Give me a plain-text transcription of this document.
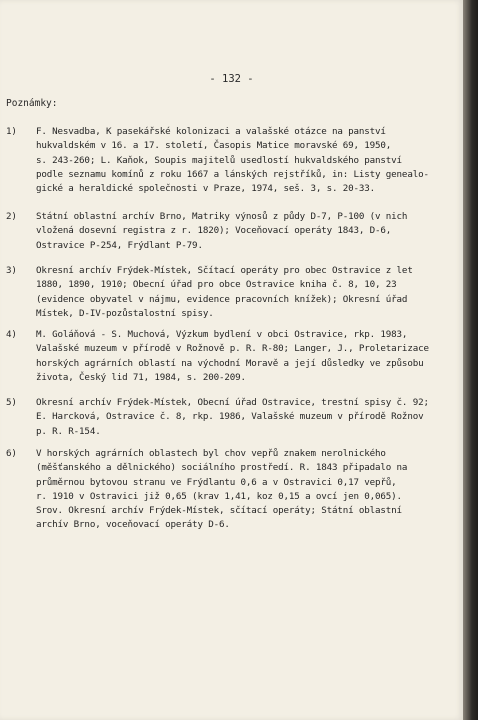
- 132 -
Poznámky:
1)	F. Nesvadba, K pasekářské kolonizaci a valašské otázce na panství
hukvaldském v 16. a 17. století, Časopis Matice moravské 69, 1950,
s. 243-260; L. Kaňok, Soupis majitelů usedlostí hukvaldského panství
podle seznamu komínů z roku 1667 a lánských rejstříků, in: Listy genealo-
gické a heraldické společnosti v Praze, 1974, seš. 3, s. 20-33.
2)	Státní oblastní archív Brno, Matriky výnosů z půdy D-7, P-100 (v nich
vložená dosevní registra z r. 1820); Voceňovací operáty 1843, D-6,
Ostravice P-254, Frýdlant P-79.
3)	Okresní archív Frýdek-Místek, Sčítací operáty pro obec Ostravice z let
1880, 1890, 1910; Obecní úřad pro obce Ostravice kniha č. 8, 10, 23
(evidence obyvatel v nájmu, evidence pracovních knížek); Okresní úřad
Místek, D-IV-pozůstalostní spisy.
4)	M. Goláňová - S. Muchová, Výzkum bydlení v obci Ostravice, rkp. 1983,
Valašské muzeum v přírodě v Rožnově p. R. R-80; Langer, J., Proletarizace
horských agrárních oblastí na východní Moravě a její důsledky ve způsobu
života, Český lid 71, 1984, s. 200-209.
5)	Okresní archív Frýdek-Místek, Obecní úřad Ostravice, trestní spisy č. 92;
E. Harcková, Ostravice č. 8, rkp. 1986, Valašské muzeum v přírodě Rožnov
p. R. R-154.
6)	V horských agrárních oblastech byl chov vepřů znakem nerolnického
(měšťanského a dělnického) sociálního prostředí. R. 1843 připadalo na
průměrnou bytovou stranu ve Frýdlantu 0,6 a v Ostravici 0,17 vepřů,
r. 1910 v Ostravici již 0,65 (krav 1,41, koz 0,15 a ovcí jen 0,065).
Srov. Okresní archív Frýdek-Místek, sčítací operáty; Státní oblastní
archív Brno, voceňovací operáty D-6.
